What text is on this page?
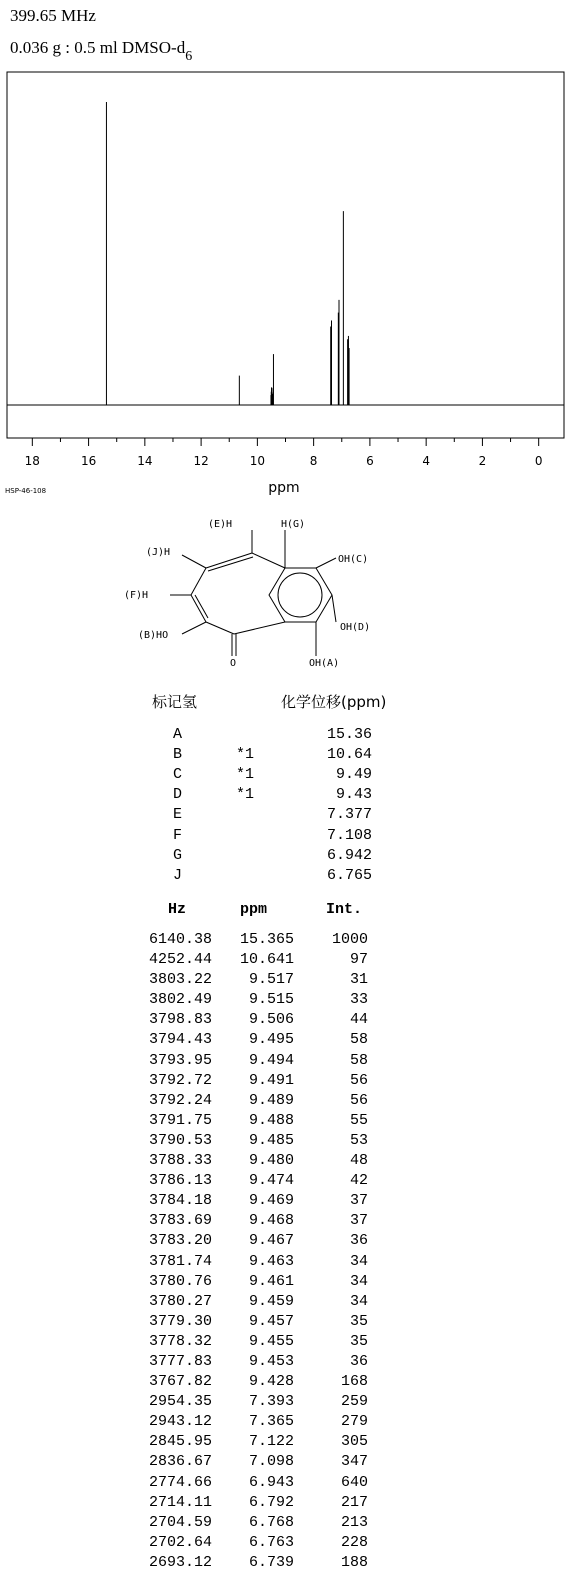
399.65 MHz
0.036 g : 0.5 ml DMSO-$d_6$
18	16	14	12	10	8	6	4	2	0
ppm
HSP-46-108
(E)H	H(G)
(J)H
OH(C)
(F)H
OH(D)
(B)HO
O	OH(A)
标记氢	化学位移(ppm)
A	15.36
B	*1	10.64
C	*1	9.49
D	*1	9.43
E	7.377
F	7.108
G	6.942
J	6.765
Hz	ppm	Int.
6140.38	15.365	1000
4252.44	10.641	97
3803.22	9.517	31
3802.49	9.515	33
3798.83	9.506	44
3794.43	9.495	58
3793.95	9.494	58
3792.72	9.491	56
3792.24	9.489	56
3791.75	9.488	55
3790.53	9.485	53
3788.33	9.480	48
3786.13	9.474	42
3784.18	9.469	37
3783.69	9.468	37
3783.20	9.467	36
3781.74	9.463	34
3780.76	9.461	34
3780.27	9.459	34
3779.30	9.457	35
3778.32	9.455	35
3777.83	9.453	36
3767.82	9.428	168
2954.35	7.393	259
2943.12	7.365	279
2845.95	7.122	305
2836.67	7.098	347
2774.66	6.943	640
2714.11	6.792	217
2704.59	6.768	213
2702.64	6.763	228
2693.12	6.739	188
